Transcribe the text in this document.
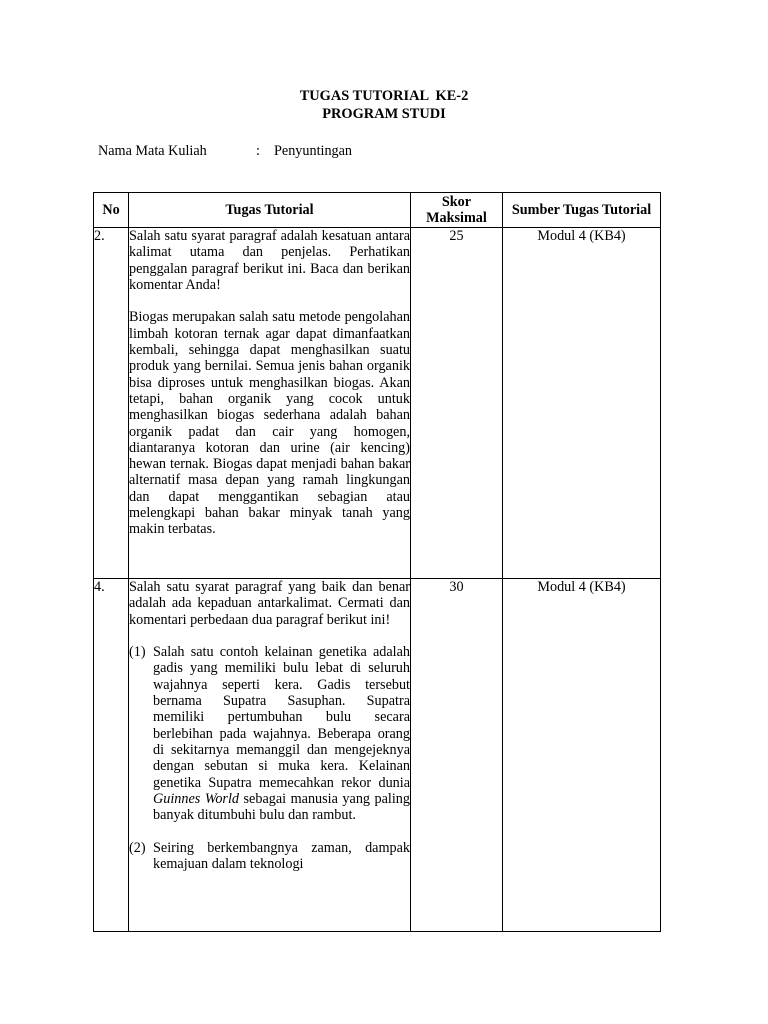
TUGAS TUTORIAL  KE-2
PROGRAM STUDI
Nama Mata Kuliah	: Penyuntingan
No	Tugas Tutorial	Skor Maksimal	Sumber Tugas Tutorial
2.	Salah satu syarat paragraf adalah kesatuan antara kalimat utama dan penjelas. Perhatikan penggalan paragraf berikut ini. Baca dan berikan komentar Anda!

Biogas merupakan salah satu metode pengolahan limbah kotoran ternak agar dapat dimanfaatkan kembali, sehingga dapat menghasilkan suatu produk yang bernilai. Semua jenis bahan organik bisa diproses untuk menghasilkan biogas. Akan tetapi, bahan organik yang cocok untuk menghasilkan biogas sederhana adalah bahan organik padat dan cair yang homogen, diantaranya kotoran dan urine (air kencing) hewan ternak. Biogas dapat menjadi bahan bakar alternatif masa depan yang ramah lingkungan dan dapat menggantikan sebagian atau melengkapi bahan bakar minyak tanah yang makin terbatas.	25	Modul 4 (KB4)
4.	Salah satu syarat paragraf yang baik dan benar adalah ada kepaduan antarkalimat. Cermati dan komentari perbedaan dua paragraf berikut ini!

(1) Salah satu contoh kelainan genetika adalah gadis yang memiliki bulu lebat di seluruh wajahnya seperti kera. Gadis tersebut bernama Supatra Sasuphan. Supatra memiliki pertumbuhan bulu secara berlebihan pada wajahnya. Beberapa orang di sekitarnya memanggil dan mengejeknya dengan sebutan si muka kera. Kelainan genetika Supatra memecahkan rekor dunia Guinnes World sebagai manusia yang paling banyak ditumbuhi bulu dan rambut.
(2) Seiring berkembangnya zaman, dampak kemajuan dalam teknologi	30	Modul 4 (KB4)
